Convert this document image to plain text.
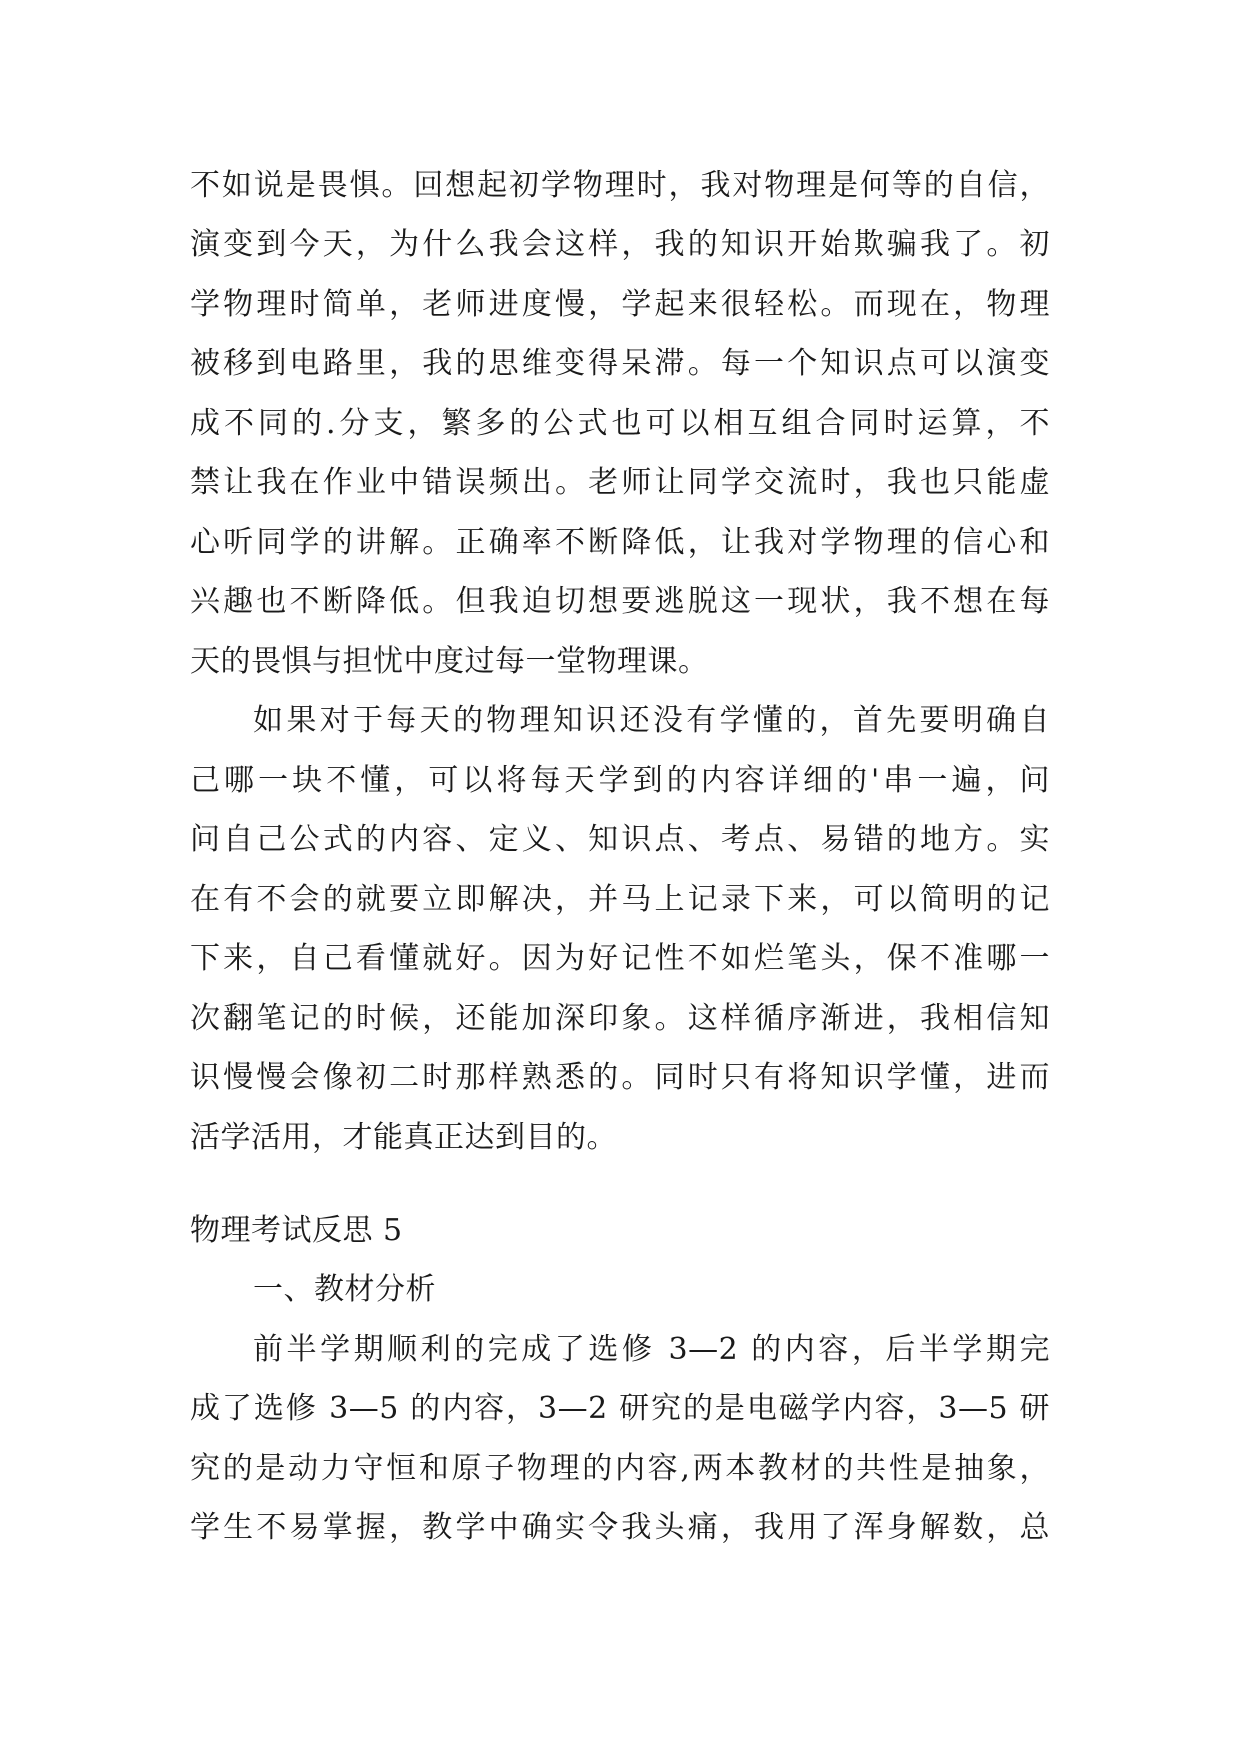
不如说是畏惧。回想起初学物理时，我对物理是何等的自信，
演变到今天，为什么我会这样，我的知识开始欺骗我了。初
学物理时简单，老师进度慢，学起来很轻松。而现在，物理
被移到电路里，我的思维变得呆滞。每一个知识点可以演变
成不同的.分支，繁多的公式也可以相互组合同时运算，不
禁让我在作业中错误频出。老师让同学交流时，我也只能虚
心听同学的讲解。正确率不断降低，让我对学物理的信心和
兴趣也不断降低。但我迫切想要逃脱这一现状，我不想在每
天的畏惧与担忧中度过每一堂物理课。
如果对于每天的物理知识还没有学懂的，首先要明确自
己哪一块不懂，可以将每天学到的内容详细的'串一遍，问
问自己公式的内容、定义、知识点、考点、易错的地方。实
在有不会的就要立即解决，并马上记录下来，可以简明的记
下来，自己看懂就好。因为好记性不如烂笔头，保不准哪一
次翻笔记的时候，还能加深印象。这样循序渐进，我相信知
识慢慢会像初二时那样熟悉的。同时只有将知识学懂，进而
活学活用，才能真正达到目的。
物理考试反思 5
一、教材分析
前半学期顺利的完成了选修 3—2 的内容，后半学期完
成了选修 3—5 的内容，3—2 研究的是电磁学内容，3—5 研
究的是动力守恒和原子物理的内容,两本教材的共性是抽象，
学生不易掌握，教学中确实令我头痛，我用了浑身解数，总
